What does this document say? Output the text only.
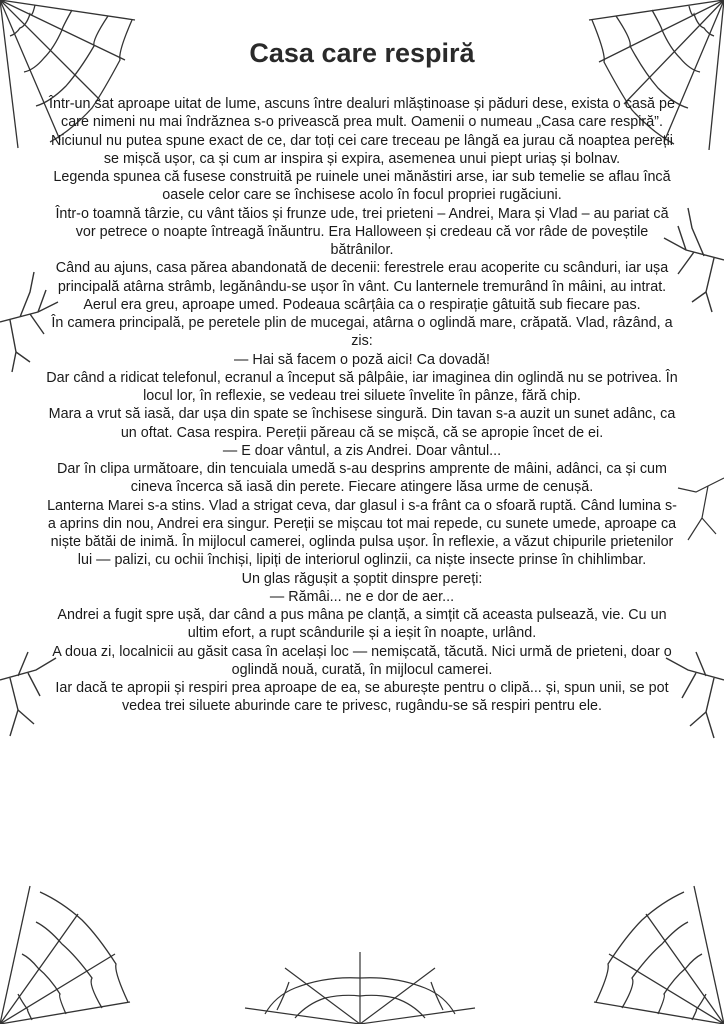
Casa care respiră

Într-un sat aproape uitat de lume, ascuns între dealuri mlăștinoase și păduri dese, exista o casă pe care nimeni nu mai îndrăznea s-o privească prea mult. Oamenii o numeau „Casa care respiră”. Niciunul nu putea spune exact de ce, dar toți cei care treceau pe lângă ea jurau că noaptea pereții se mișcă ușor, ca și cum ar inspira și expira, asemenea unui piept uriaș și bolnav.

Legenda spunea că fusese construită pe ruinele unei mănăstiri arse, iar sub temelie se aflau încă oasele celor care se închisese acolo în focul propriei rugăciuni.

Într-o toamnă târzie, cu vânt tăios și frunze ude, trei prieteni – Andrei, Mara și Vlad – au pariat că vor petrece o noapte întreagă înăuntru. Era Halloween și credeau că vor râde de poveștile bătrânilor.

Când au ajuns, casa părea abandonată de decenii: ferestrele erau acoperite cu scânduri, iar ușa principală atârna strâmb, legănându-se ușor în vânt. Cu lanternele tremurând în mâini, au intrat. Aerul era greu, aproape umed. Podeaua scârțâia ca o respirație gâtuită sub fiecare pas.

În camera principală, pe peretele plin de mucegai, atârna o oglindă mare, crăpată. Vlad, râzând, a zis:

— Hai să facem o poză aici! Ca dovadă!

Dar când a ridicat telefonul, ecranul a început să pâlpâie, iar imaginea din oglindă nu se potrivea. În locul lor, în reflexie, se vedeau trei siluete învelite în pânze, fără chip.

Mara a vrut să iasă, dar ușa din spate se închisese singură. Din tavan s-a auzit un sunet adânc, ca un oftat. Casa respira. Pereții păreau că se mișcă, că se apropie încet de ei.

— E doar vântul, a zis Andrei. Doar vântul...

Dar în clipa următoare, din tencuiala umedă s-au desprins amprente de mâini, adânci, ca și cum cineva încerca să iasă din perete. Fiecare atingere lăsa urme de cenușă.

Lanterna Marei s-a stins. Vlad a strigat ceva, dar glasul i s-a frânt ca o sfoară ruptă. Când lumina s-a aprins din nou, Andrei era singur. Pereții se mișcau tot mai repede, cu sunete umede, aproape ca niște bătăi de inimă. În mijlocul camerei, oglinda pulsa ușor. În reflexie, a văzut chipurile prietenilor lui — palizi, cu ochii închiși, lipiți de interiorul oglinzii, ca niște insecte prinse în chihlimbar.

Un glas răgușit a șoptit dinspre pereți:

— Rămâi... ne e dor de aer...

Andrei a fugit spre ușă, dar când a pus mâna pe clanță, a simțit că aceasta pulsează, vie. Cu un ultim efort, a rupt scândurile și a ieșit în noapte, urlând.

A doua zi, localnicii au găsit casa în același loc — nemișcată, tăcută. Nici urmă de prieteni, doar o oglindă nouă, curată, în mijlocul camerei.

Iar dacă te apropii și respiri prea aproape de ea, se aburește pentru o clipă... și, spun unii, se pot vedea trei siluete aburinde care te privesc, rugându-se să respiri pentru ele.
